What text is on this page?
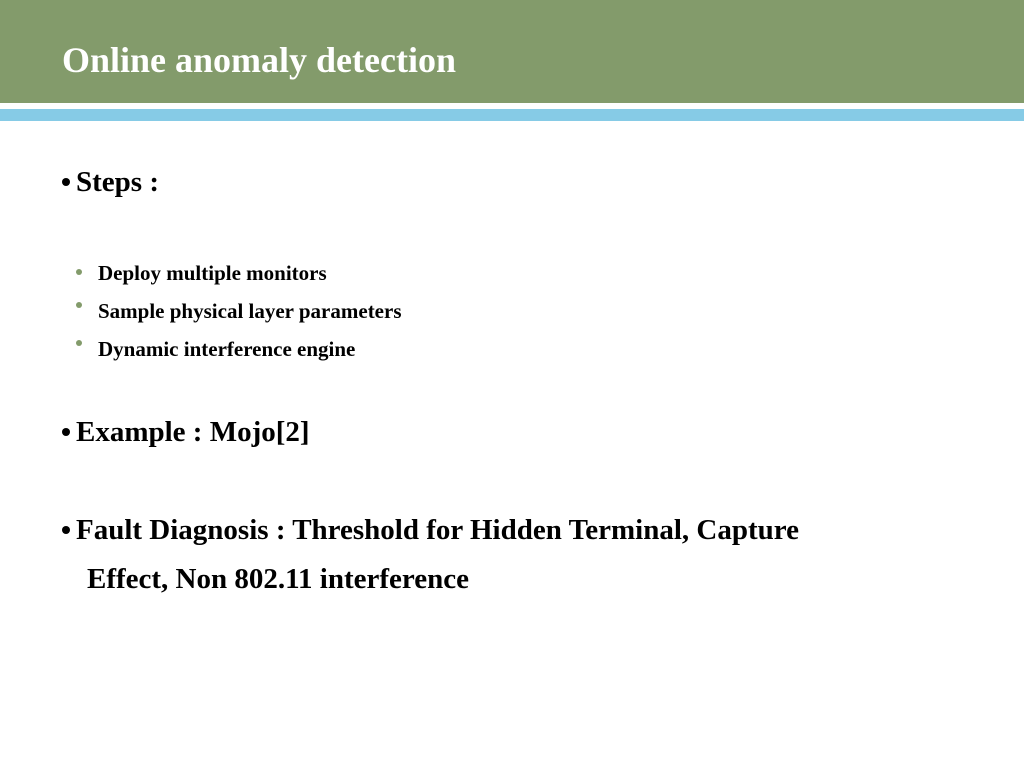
Online anomaly detection
Steps :
Deploy multiple monitors
Sample physical layer parameters
Dynamic interference engine
Example : Mojo[2]
Fault Diagnosis : Threshold for Hidden Terminal, Capture
Effect, Non 802.11 interference
